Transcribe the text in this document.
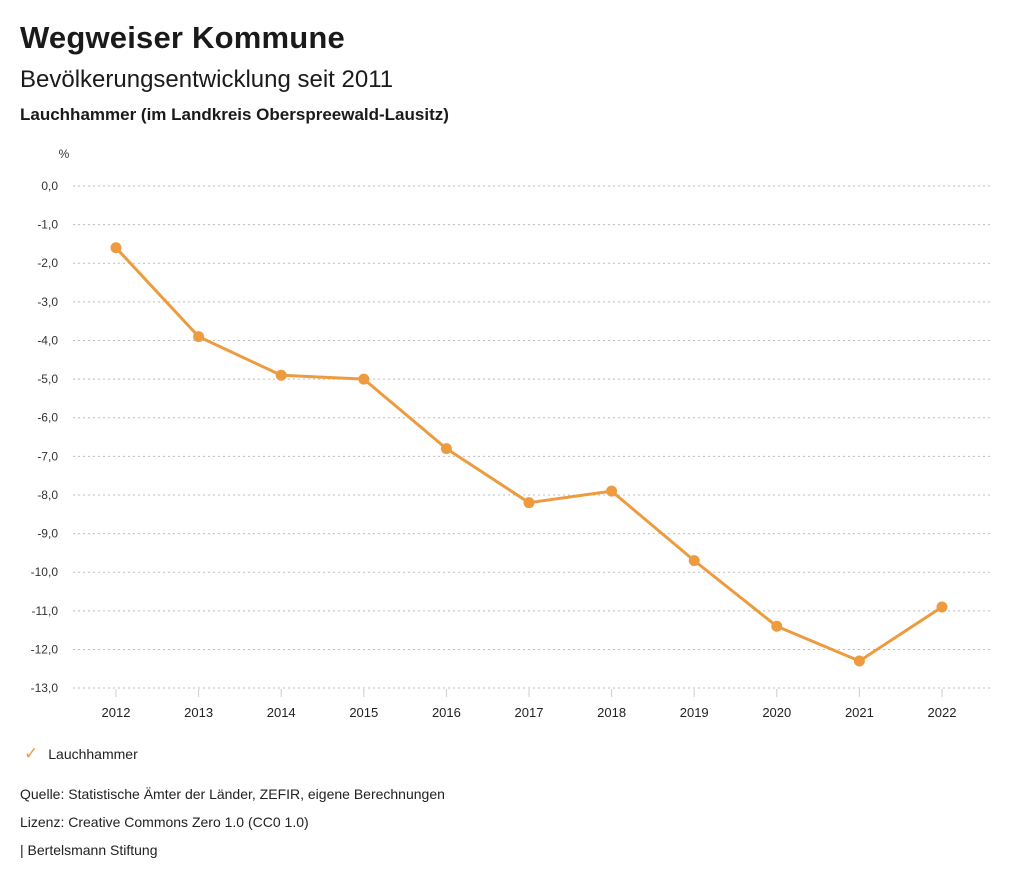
Wegweiser Kommune
Bevölkerungsentwicklung seit 2011
Lauchhammer (im Landkreis Oberspreewald-Lausitz)
%
0,0
-1,0
-2,0
-3,0
-4,0
-5,0
-6,0
-7,0
-8,0
-9,0
-10,0
-11,0
-12,0
-13,0
2012	2013	2014	2015	2016	2017	2018	2019	2020	2021	2022
✓ Lauchhammer
Quelle: Statistische Ämter der Länder, ZEFIR, eigene Berechnungen
Lizenz: Creative Commons Zero 1.0 (CC0 1.0)
| Bertelsmann Stiftung
